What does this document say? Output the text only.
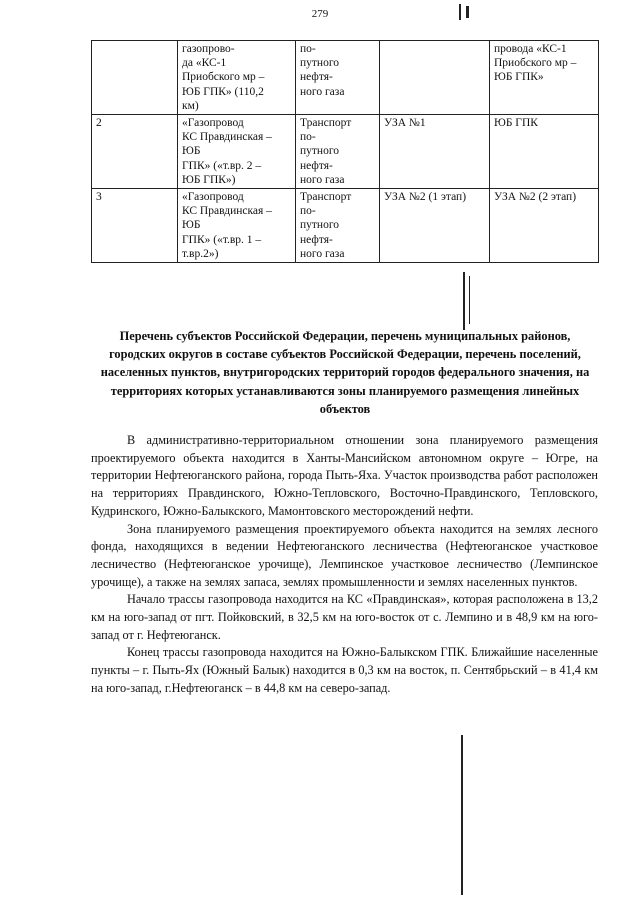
279
	газопрово-
да «КС-1
Приобского мр –
ЮБ ГПК» (110,2
км)	по-
путного
нефтя-
ного газа		провода «КС-1
Приобского мр –
ЮБ ГПК»
2	«Газопровод
КС Правдинская –
ЮБ
ГПК» («т.вр. 2 –
ЮБ ГПК»)	Транспорт
по-
путного
нефтя-
ного газа	УЗА №1	ЮБ ГПК
3	«Газопровод
КС Правдинская –
ЮБ
ГПК» («т.вр. 1 –
т.вр.2»)	Транспорт
по-
путного
нефтя-
ного газа	УЗА №2 (1 этап)	УЗА №2 (2 этап)
Перечень субъектов Российской Федерации, перечень муниципальных районов, городских округов в составе субъектов Российской Федерации, перечень поселений, населенных пунктов, внутригородских территорий городов федерального значения, на территориях которых устанавливаются зоны планируемого размещения линейных объектов

В административно-территориальном отношении зона планируемого размещения проектируемого объекта находится в Ханты-Мансийском автономном округе – Югре, на территории Нефтеюганского района, города Пыть-Яха. Участок производства работ расположен на территориях Правдинского, Южно-Тепловского, Восточно-Правдинского, Тепловского, Кудринского, Южно-Балыкского, Мамонтовского месторождений нефти.

Зона планируемого размещения проектируемого объекта находится на землях лесного фонда, находящихся в ведении Нефтеюганского лесничества (Нефтеюганское участковое лесничество (Нефтеюганское урочище), Лемпинское участковое лесничество (Лемпинское урочище), а также на землях запаса, землях промышленности и землях населенных пунктов.

Начало трассы газопровода находится на КС «Правдинская», которая расположена в 13,2 км на юго-запад от пгт. Пойковский, в 32,5 км на юго-восток от с. Лемпино и в 48,9 км на юго-запад от г. Нефтеюганск.

Конец трассы газопровода находится на Южно-Балыкском ГПК. Ближайшие населенные пункты – г. Пыть-Ях (Южный Балык) находится в 0,3 км на восток, п. Сентябрьский – в 41,4 км на юго-запад, г.Нефтеюганск – в 44,8 км на северо-запад.
